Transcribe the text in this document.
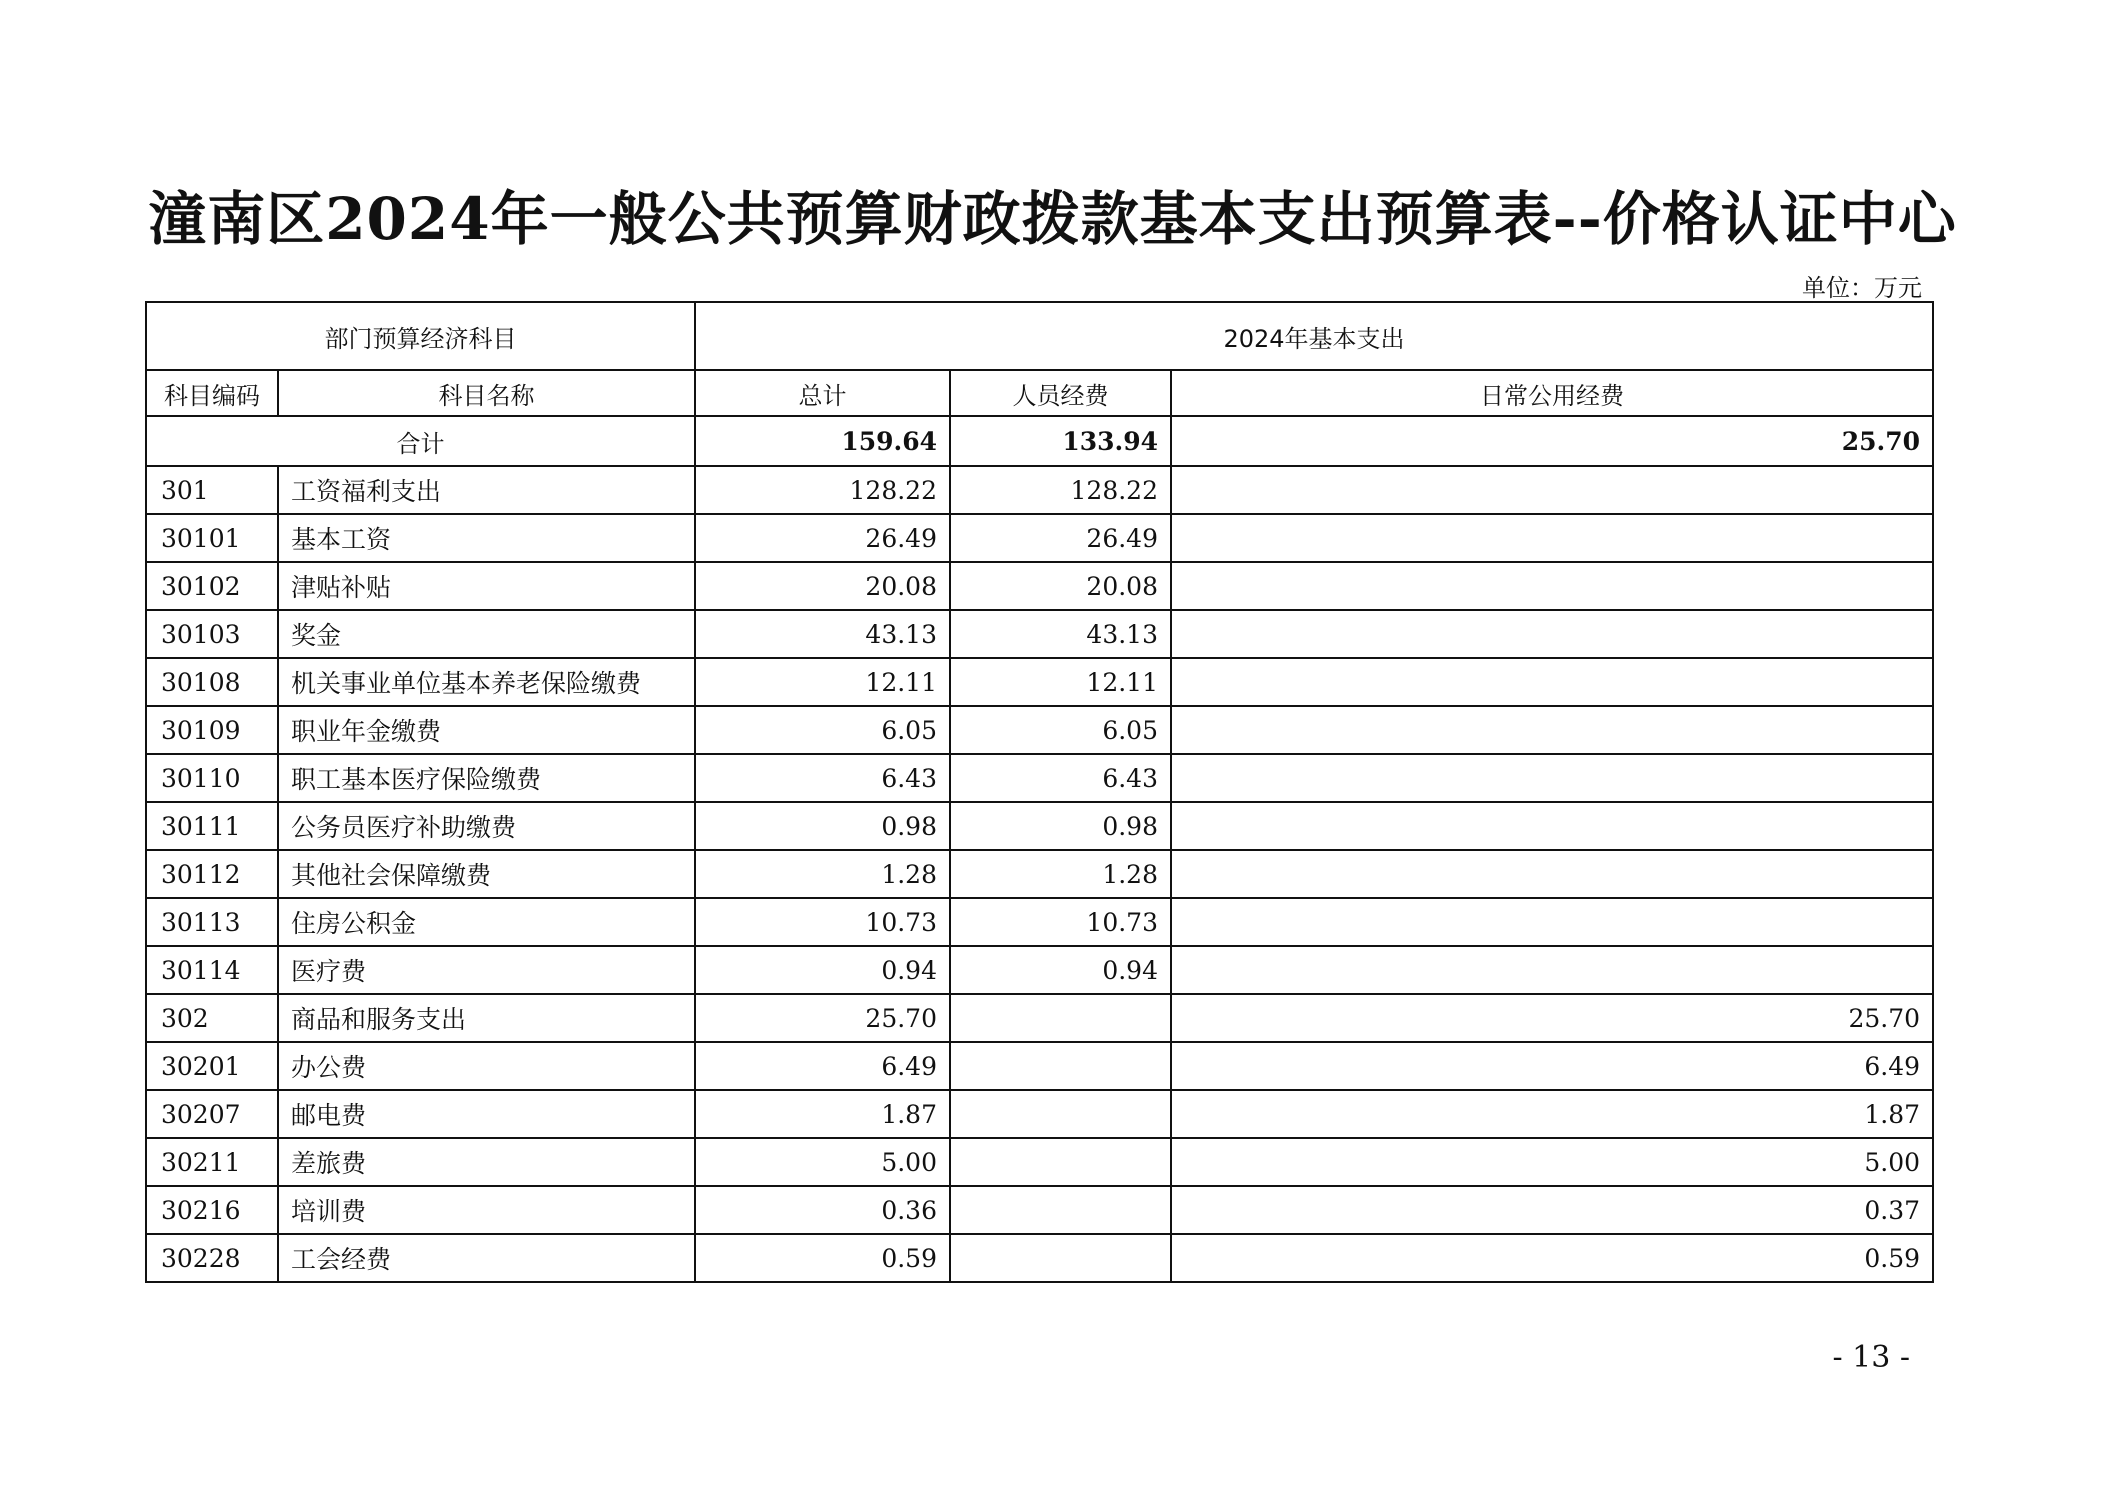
潼南区2024年一般公共预算财政拨款基本支出预算表--价格认证中心
单位：万元
部门预算经济科目		2024年基本支出		
科目编码	科目名称	总计	人员经费	日常公用经费
合计		159.64	133.94	25.70
301	工资福利支出	128.22	128.22	
30101	基本工资	26.49	26.49	
30102	津贴补贴	20.08	20.08	
30103	奖金	43.13	43.13	
30108	机关事业单位基本养老保险缴费	12.11	12.11	
30109	职业年金缴费	6.05	6.05	
30110	职工基本医疗保险缴费	6.43	6.43	
30111	公务员医疗补助缴费	0.98	0.98	
30112	其他社会保障缴费	1.28	1.28	
30113	住房公积金	10.73	10.73	
30114	医疗费	0.94	0.94	
302	商品和服务支出	25.70		25.70
30201	办公费	6.49		6.49
30207	邮电费	1.87		1.87
30211	差旅费	5.00		5.00
30216	培训费	0.36		0.37
30228	工会经费	0.59		0.59
- 13 -
